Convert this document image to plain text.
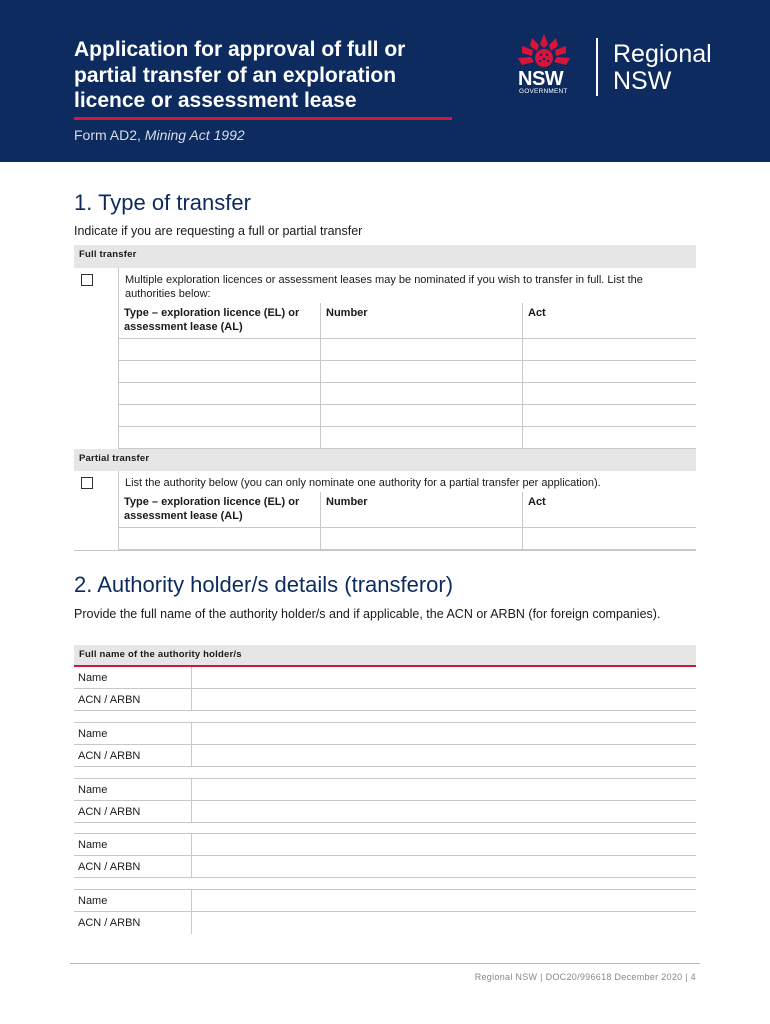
Application for approval of full or
partial transfer of an exploration
licence or assessment lease
Form AD2, Mining Act 1992
NSW
GOVERNMENT
Regional
NSW
1. Type of transfer
Indicate if you are requesting a full or partial transfer
Full transfer
Multiple exploration licences or assessment leases may be nominated if you wish to transfer in full. List the authorities below:
Type – exploration licence (EL) or assessment lease (AL)	Number	Act

Partial transfer
List the authority below (you can only nominate one authority for a partial transfer per application).
Type – exploration licence (EL) or assessment lease (AL)	Number	Act

2. Authority holder/s details (transferor)
Provide the full name of the authority holder/s and if applicable, the ACN or ARBN (for foreign companies).
Full name of the authority holder/s
Name
ACN / ARBN
Name
ACN / ARBN
Name
ACN / ARBN
Name
ACN / ARBN
Name
ACN / ARBN
Regional NSW | DOC20/996618 December 2020 | 4
